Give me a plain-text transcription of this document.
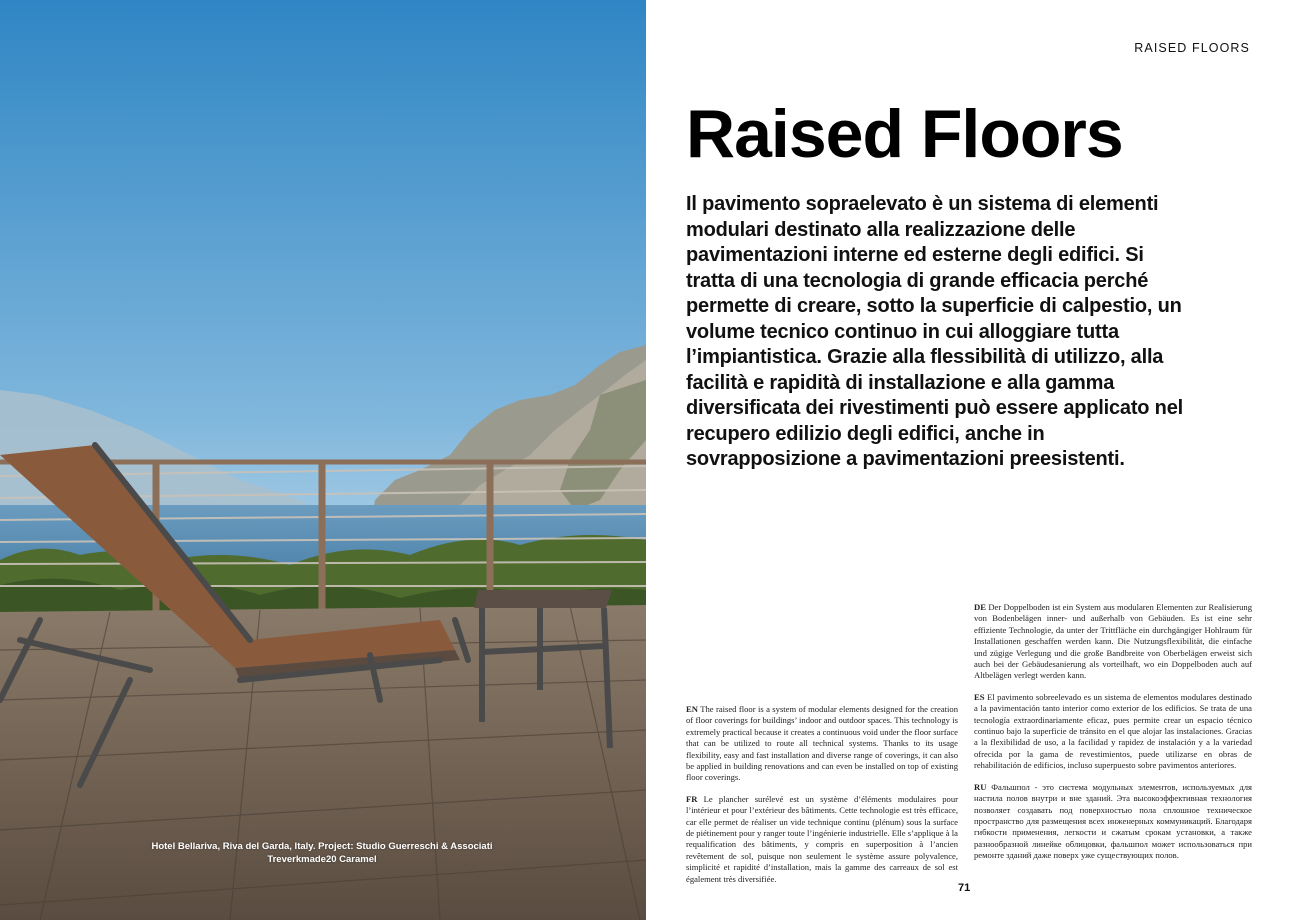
Hotel Bellariva, Riva del Garda, Italy. Project: Studio Guerreschi & Associati
Treverkmade20 Caramel
RAISED FLOORS
Raised Floors

Il pavimento sopraelevato è un sistema di elementi modulari destinato alla realizzazione delle pavimentazioni interne ed esterne degli edifici. Si tratta di una tecnologia di grande efficacia perché permette di creare, sotto la superficie di calpestio, un volume tecnico continuo in cui alloggiare tutta l’impiantistica. Grazie alla flessibilità di utilizzo, alla facilità e rapidità di installazione e alla gamma diversificata dei rivestimenti può essere applicato nel recupero edilizio degli edifici, anche in sovrapposizione a pavimentazioni preesistenti.

EN The raised floor is a system of modular elements designed for the creation of floor coverings for buildings’ indoor and outdoor spaces. This technology is extremely practical because it creates a continuous void under the floor surface that can be utilized to route all technical systems. Thanks to its usage flexibility, easy and fast installation and diverse range of coverings, it can also be applied in building renovations and can even be installed on top of existing floor coverings.

FR Le plancher surélevé est un système d’éléments modulaires pour l’intérieur et pour l’extérieur des bâtiments. Cette technologie est très efficace, car elle permet de réaliser un vide technique continu (plénum) sous la surface de piétinement pour y ranger toute l’ingénierie industrielle. Elle s’applique à la requalification des bâtiments, y compris en superposition à l’ancien revêtement de sol, puisque non seulement le système assure polyvalence, simplicité et rapidité d’installation, mais la gamme des carreaux de sol est également très diversifiée.

DE Der Doppelboden ist ein System aus modularen Elementen zur Realisierung von Bodenbelägen inner- und außerhalb von Gebäuden. Es ist eine sehr effiziente Technologie, da unter der Trittfläche ein durchgängiger Hohlraum für Installationen geschaffen werden kann. Die Nutzungsflexibilität, die einfache und zügige Verlegung und die große Bandbreite von Oberbelägen erweist sich auch bei der Gebäudesanierung als vorteilhaft, wo ein Doppelboden auch auf Altbelägen verlegt werden kann.

ES El pavimento sobreelevado es un sistema de elementos modulares destinado a la pavimentación tanto interior como exterior de los edificios. Se trata de una tecnología extraordinariamente eficaz, pues permite crear un espacio técnico continuo bajo la superficie de tránsito en el que alojar las instalaciones. Gracias a la flexibilidad de uso, a la facilidad y rapidez de instalación y a la variedad ofrecida por la gama de revestimientos, puede utilizarse en obras de rehabilitación de edificios, incluso superpuesto sobre pavimentos anteriores.

RU Фальшпол - это система модульных элементов, используемых для настила полов внутри и вне зданий. Эта высокоэффективная технология позволяет создавать под поверхностью пола сплошное техническое пространство для размещения всех инженерных коммуникаций. Благодаря гибкости применения, легкости и сжатым срокам установки, а также разнообразной линейке облицовки, фальшпол может использоваться при ремонте зданий даже поверх уже существующих полов.

71
